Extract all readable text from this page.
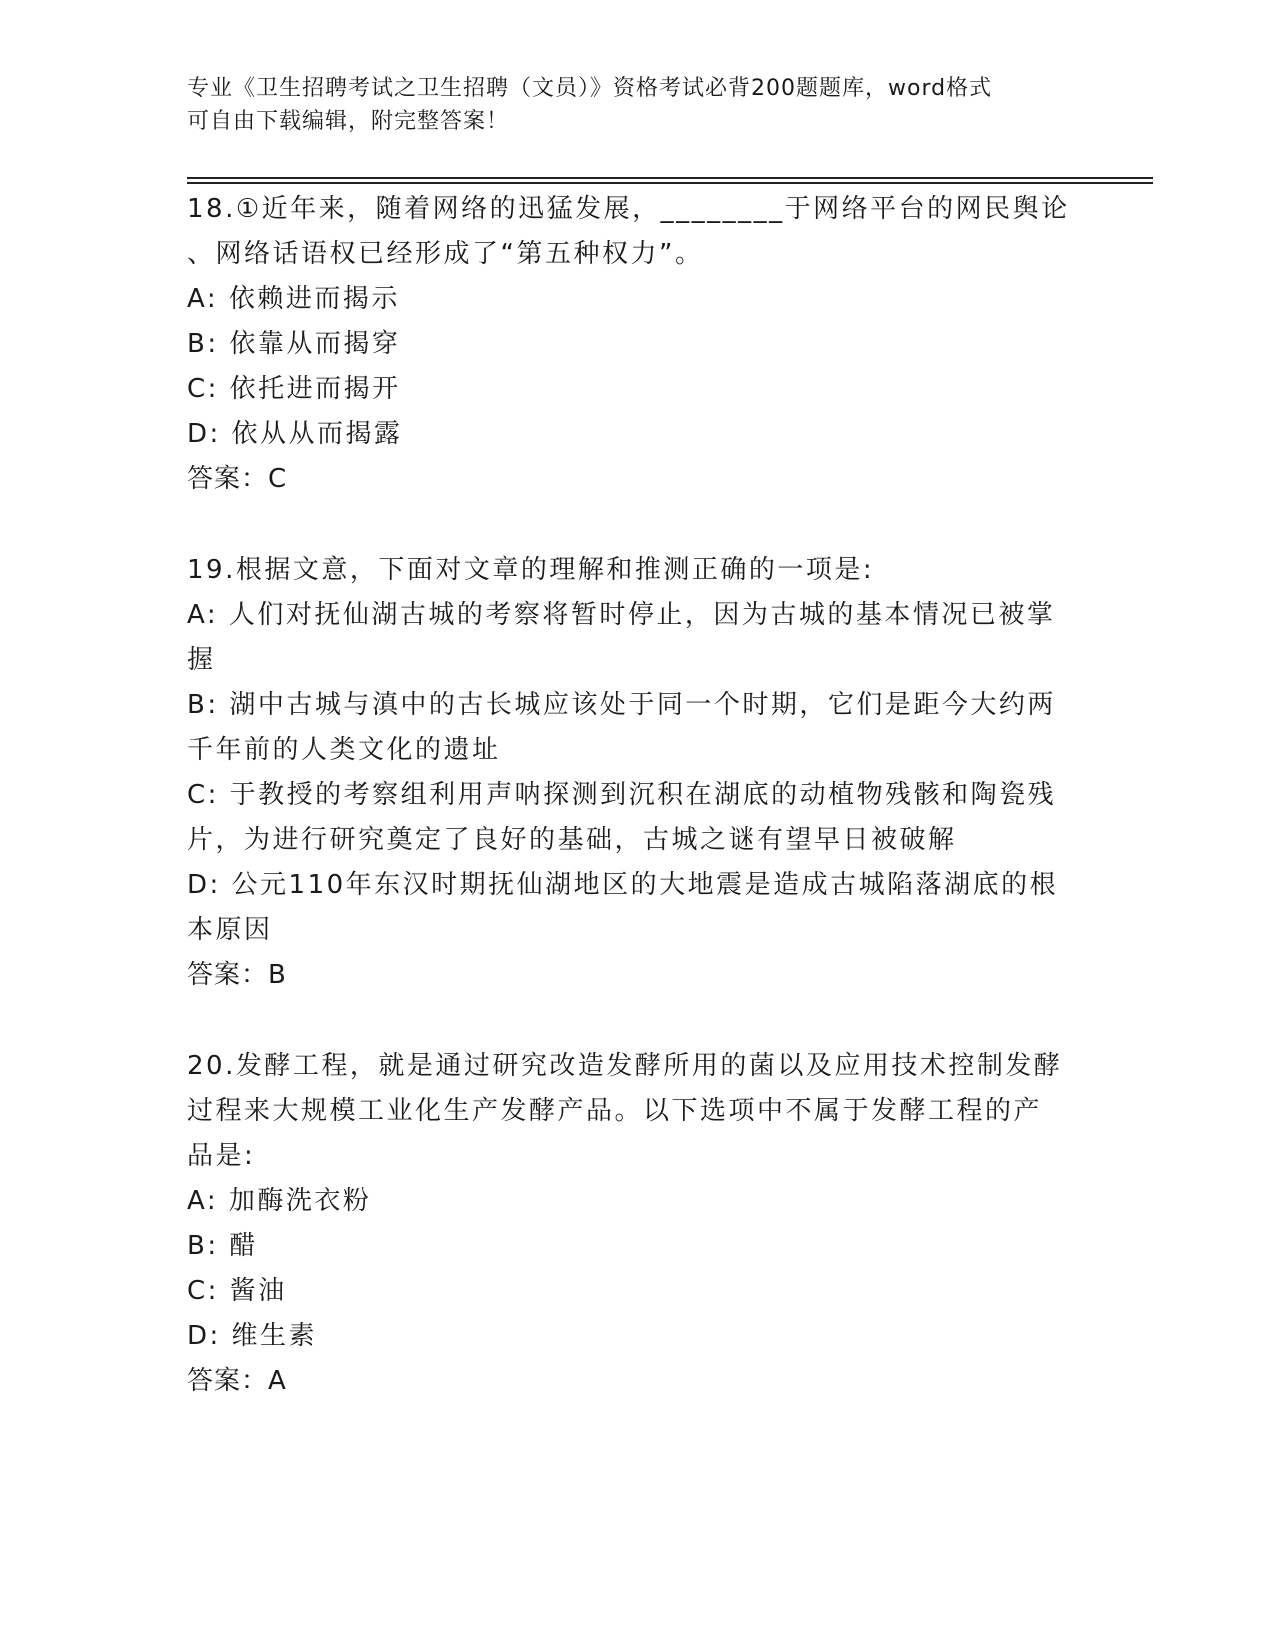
专业《卫生招聘考试之卫生招聘（文员）》资格考试必背200题题库，word格式
可自由下载编辑，附完整答案！
18.①近年来，随着网络的迅猛发展，________于网络平台的网民舆论
、网络话语权已经形成了“第五种权力”。
A: 依赖进而揭示
B: 依靠从而揭穿
C: 依托进而揭开
D: 依从从而揭露
答案：C
19.根据文意，下面对文章的理解和推测正确的一项是:
A: 人们对抚仙湖古城的考察将暂时停止，因为古城的基本情况已被掌
握
B: 湖中古城与滇中的古长城应该处于同一个时期，它们是距今大约两
千年前的人类文化的遗址
C: 于教授的考察组利用声呐探测到沉积在湖底的动植物残骸和陶瓷残
片，为进行研究奠定了良好的基础，古城之谜有望早日被破解
D: 公元110年东汉时期抚仙湖地区的大地震是造成古城陷落湖底的根
本原因
答案：B
20.发酵工程，就是通过研究改造发酵所用的菌以及应用技术控制发酵
过程来大规模工业化生产发酵产品。以下选项中不属于发酵工程的产
品是:
A: 加酶洗衣粉
B: 醋
C: 酱油
D: 维生素
答案：A
